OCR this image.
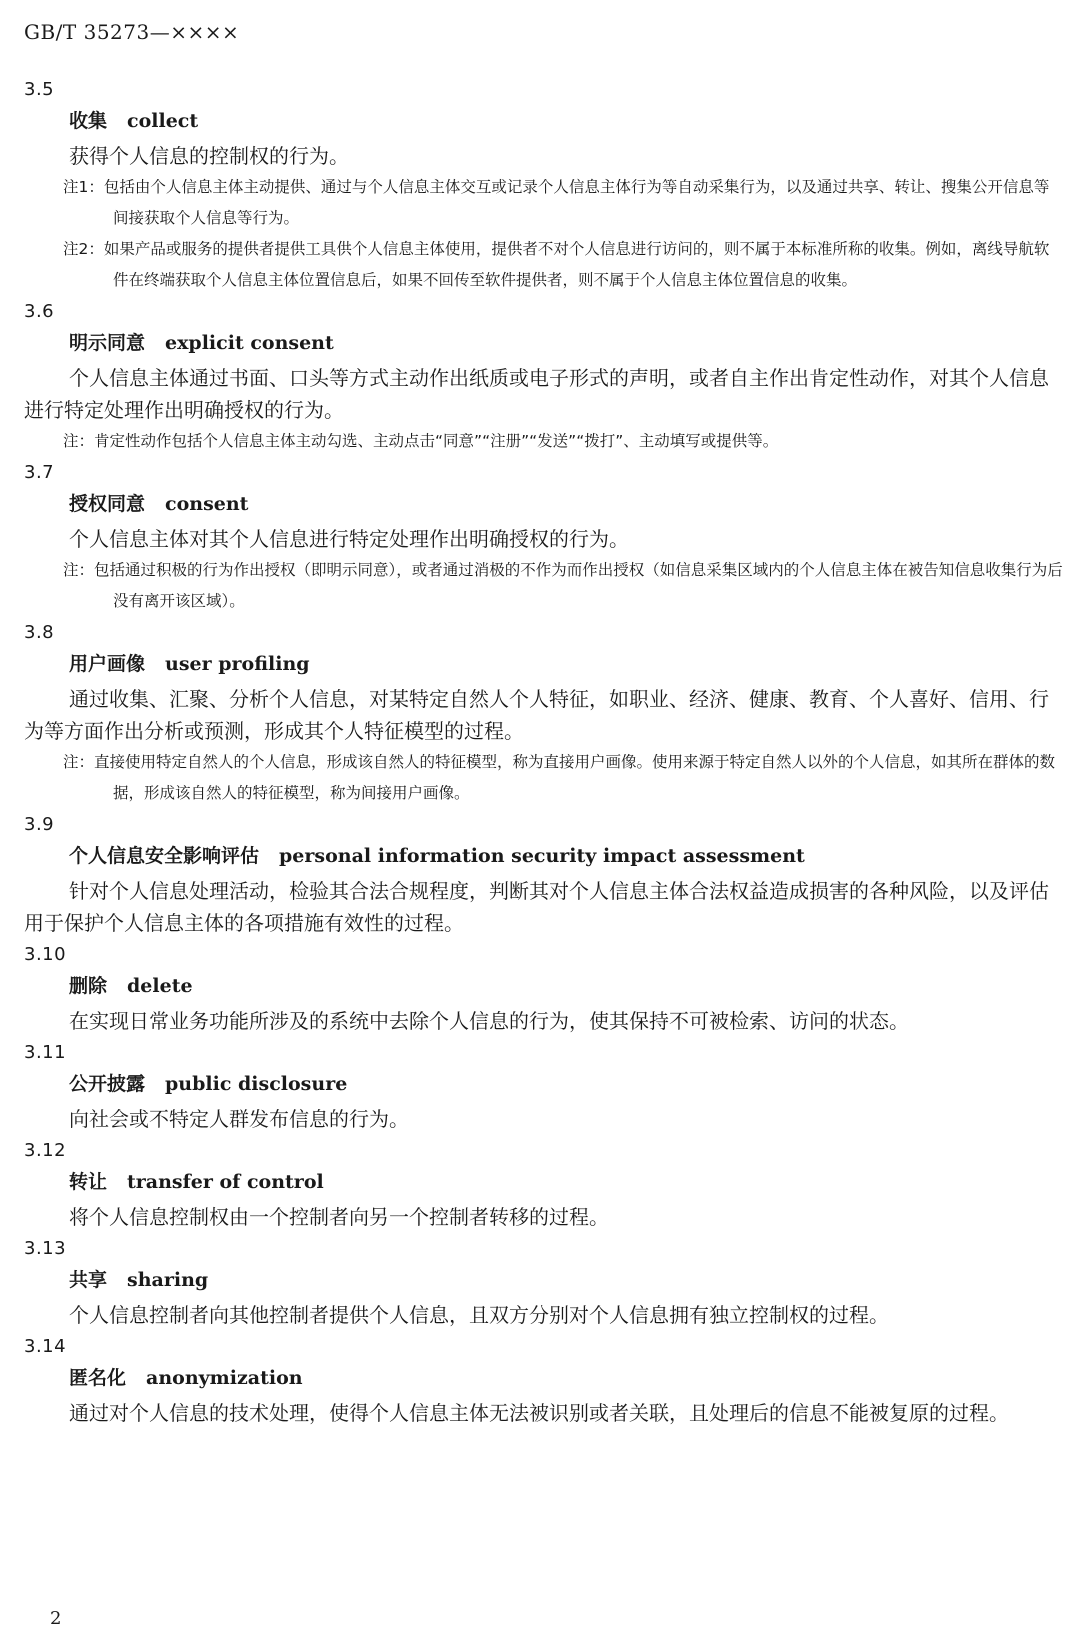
GB/T 35273—××××
3.5
收集 collect
获得个人信息的控制权的行为。
注1：包括由个人信息主体主动提供、通过与个人信息主体交互或记录个人信息主体行为等自动采集行为，以及通过共享、转让、搜集公开信息等间接获取个人信息等行为。
注2：如果产品或服务的提供者提供工具供个人信息主体使用，提供者不对个人信息进行访问的，则不属于本标准所称的收集。例如，离线导航软件在终端获取个人信息主体位置信息后，如果不回传至软件提供者，则不属于个人信息主体位置信息的收集。
3.6
明示同意 explicit consent
个人信息主体通过书面、口头等方式主动作出纸质或电子形式的声明，或者自主作出肯定性动作，对其个人信息进行特定处理作出明确授权的行为。
注：肯定性动作包括个人信息主体主动勾选、主动点击“同意”“注册”“发送”“拨打”、主动填写或提供等。
3.7
授权同意 consent
个人信息主体对其个人信息进行特定处理作出明确授权的行为。
注：包括通过积极的行为作出授权（即明示同意），或者通过消极的不作为而作出授权（如信息采集区域内的个人信息主体在被告知信息收集行为后没有离开该区域）。
3.8
用户画像 user profiling
通过收集、汇聚、分析个人信息，对某特定自然人个人特征，如职业、经济、健康、教育、个人喜好、信用、行为等方面作出分析或预测，形成其个人特征模型的过程。
注：直接使用特定自然人的个人信息，形成该自然人的特征模型，称为直接用户画像。使用来源于特定自然人以外的个人信息，如其所在群体的数据，形成该自然人的特征模型，称为间接用户画像。
3.9
个人信息安全影响评估 personal information security impact assessment
针对个人信息处理活动，检验其合法合规程度，判断其对个人信息主体合法权益造成损害的各种风险，以及评估用于保护个人信息主体的各项措施有效性的过程。
3.10
删除 delete
在实现日常业务功能所涉及的系统中去除个人信息的行为，使其保持不可被检索、访问的状态。
3.11
公开披露 public disclosure
向社会或不特定人群发布信息的行为。
3.12
转让 transfer of control
将个人信息控制权由一个控制者向另一个控制者转移的过程。
3.13
共享 sharing
个人信息控制者向其他控制者提供个人信息，且双方分别对个人信息拥有独立控制权的过程。
3.14
匿名化 anonymization
通过对个人信息的技术处理，使得个人信息主体无法被识别或者关联，且处理后的信息不能被复原的过程。
2
